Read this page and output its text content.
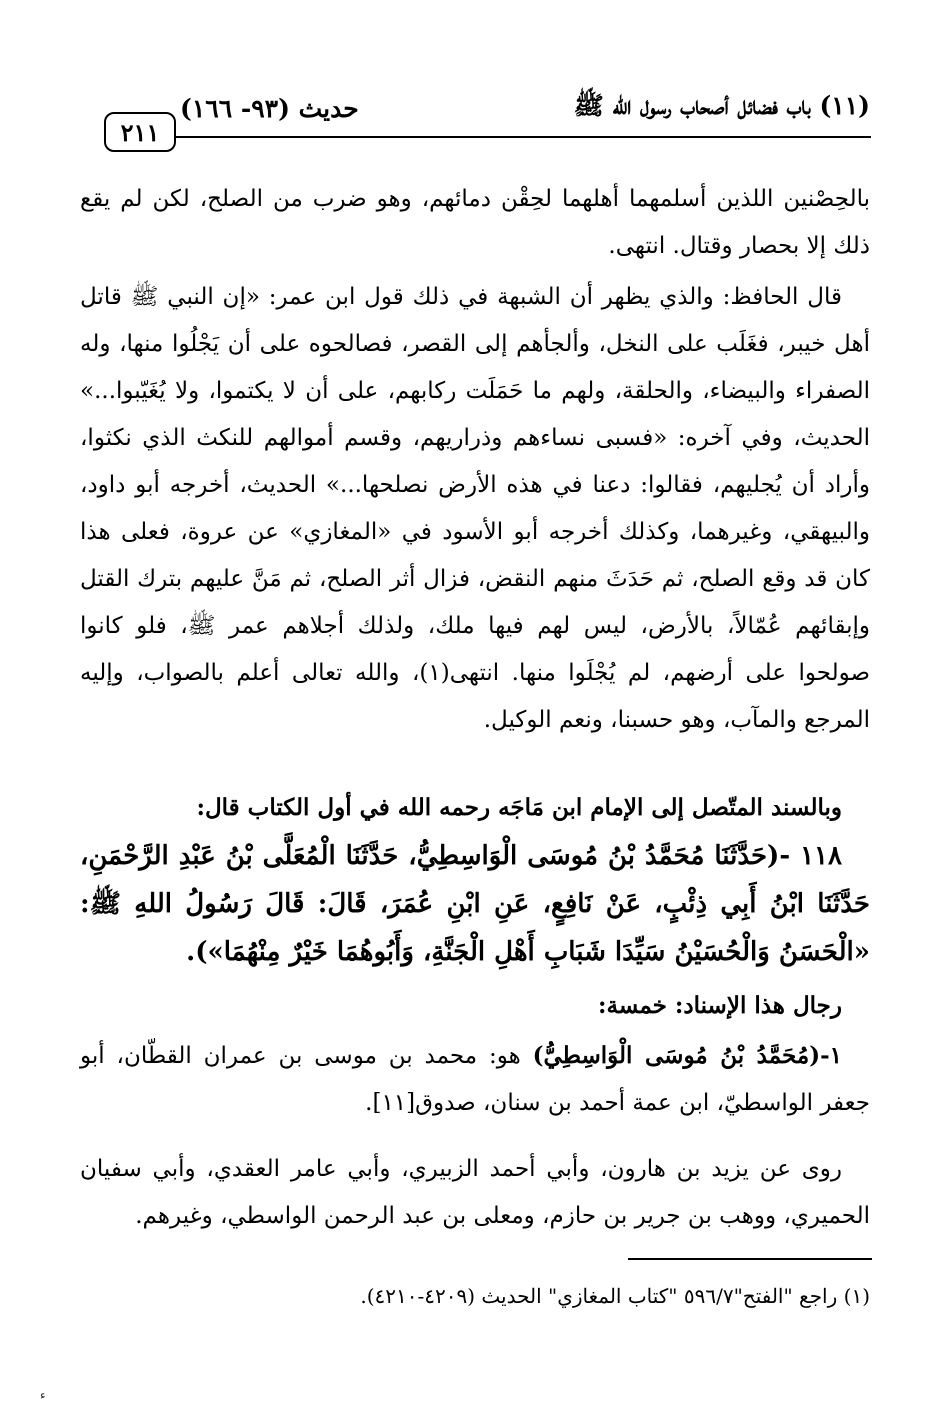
(١١) باب فضائل أصحاب رسول الله ﷺ
حديث (٩٣- ١٦٦)
٢١١

بالحِصْنين اللذين أسلمهما أهلهما لحِقْن دمائهم، وهو ضرب من الصلح، لكن لم يقع ذلك إلا بحصار وقتال. انتهى.

قال الحافظ: والذي يظهر أن الشبهة في ذلك قول ابن عمر: «إن النبي ﷺ قاتل أهل خيبر، فغَلَب على النخل، وألجأهم إلى القصر، فصالحوه على أن يَجْلُوا منها، وله الصفراء والبيضاء، والحلقة، ولهم ما حَمَلَت ركابهم، على أن لا يكتموا، ولا يُغَيّبوا...» الحديث، وفي آخره: «فسبى نساءهم وذراريهم، وقسم أموالهم للنكث الذي نكثوا، وأراد أن يُجليهم، فقالوا: دعنا في هذه الأرض نصلحها...» الحديث، أخرجه أبو داود، والبيهقي، وغيرهما، وكذلك أخرجه أبو الأسود في «المغازي» عن عروة، فعلى هذا كان قد وقع الصلح، ثم حَدَثَ منهم النقض، فزال أثر الصلح، ثم مَنَّ عليهم بترك القتل وإبقائهم عُمّالاً، بالأرض، ليس لهم فيها ملك، ولذلك أجلاهم عمر ﷺ، فلو كانوا صولحوا على أرضهم، لم يُجْلَوا منها. انتهى(١)، والله تعالى أعلم بالصواب، وإليه المرجع والمآب، وهو حسبنا، ونعم الوكيل.

وبالسند المتّصل إلى الإمام ابن مَاجَه رحمه الله في أول الكتاب قال:

١١٨ -(حَدَّثَنَا مُحَمَّدُ بْنُ مُوسَى الْوَاسِطِيُّ، حَدَّثَنَا الْمُعَلَّى بْنُ عَبْدِ الرَّحْمَنِ، حَدَّثَنَا ابْنُ أَبِي ذِئْبٍ، عَنْ نَافِعٍ، عَنِ ابْنِ عُمَرَ، قَالَ: قَالَ رَسُولُ اللهِ ﷺ: «الْحَسَنُ وَالْحُسَيْنُ سَيِّدَا شَبَابِ أَهْلِ الْجَنَّةِ، وَأَبُوهُمَا خَيْرٌ مِنْهُمَا»).

رجال هذا الإسناد: خمسة:

١-(مُحَمَّدُ بْنُ مُوسَى الْوَاسِطِيُّ) هو: محمد بن موسى بن عمران القطّان، أبو جعفر الواسطيّ، ابن عمة أحمد بن سنان، صدوق[١١].

روى عن يزيد بن هارون، وأبي أحمد الزبيري، وأبي عامر العقدي، وأبي سفيان الحميري، ووهب بن جرير بن حازم، ومعلى بن عبد الرحمن الواسطي، وغيرهم.

(١) راجع "الفتح"٥٩٦/٧ "كتاب المغازي" الحديث (٤٢٠٩-٤٢١٠).
ء
